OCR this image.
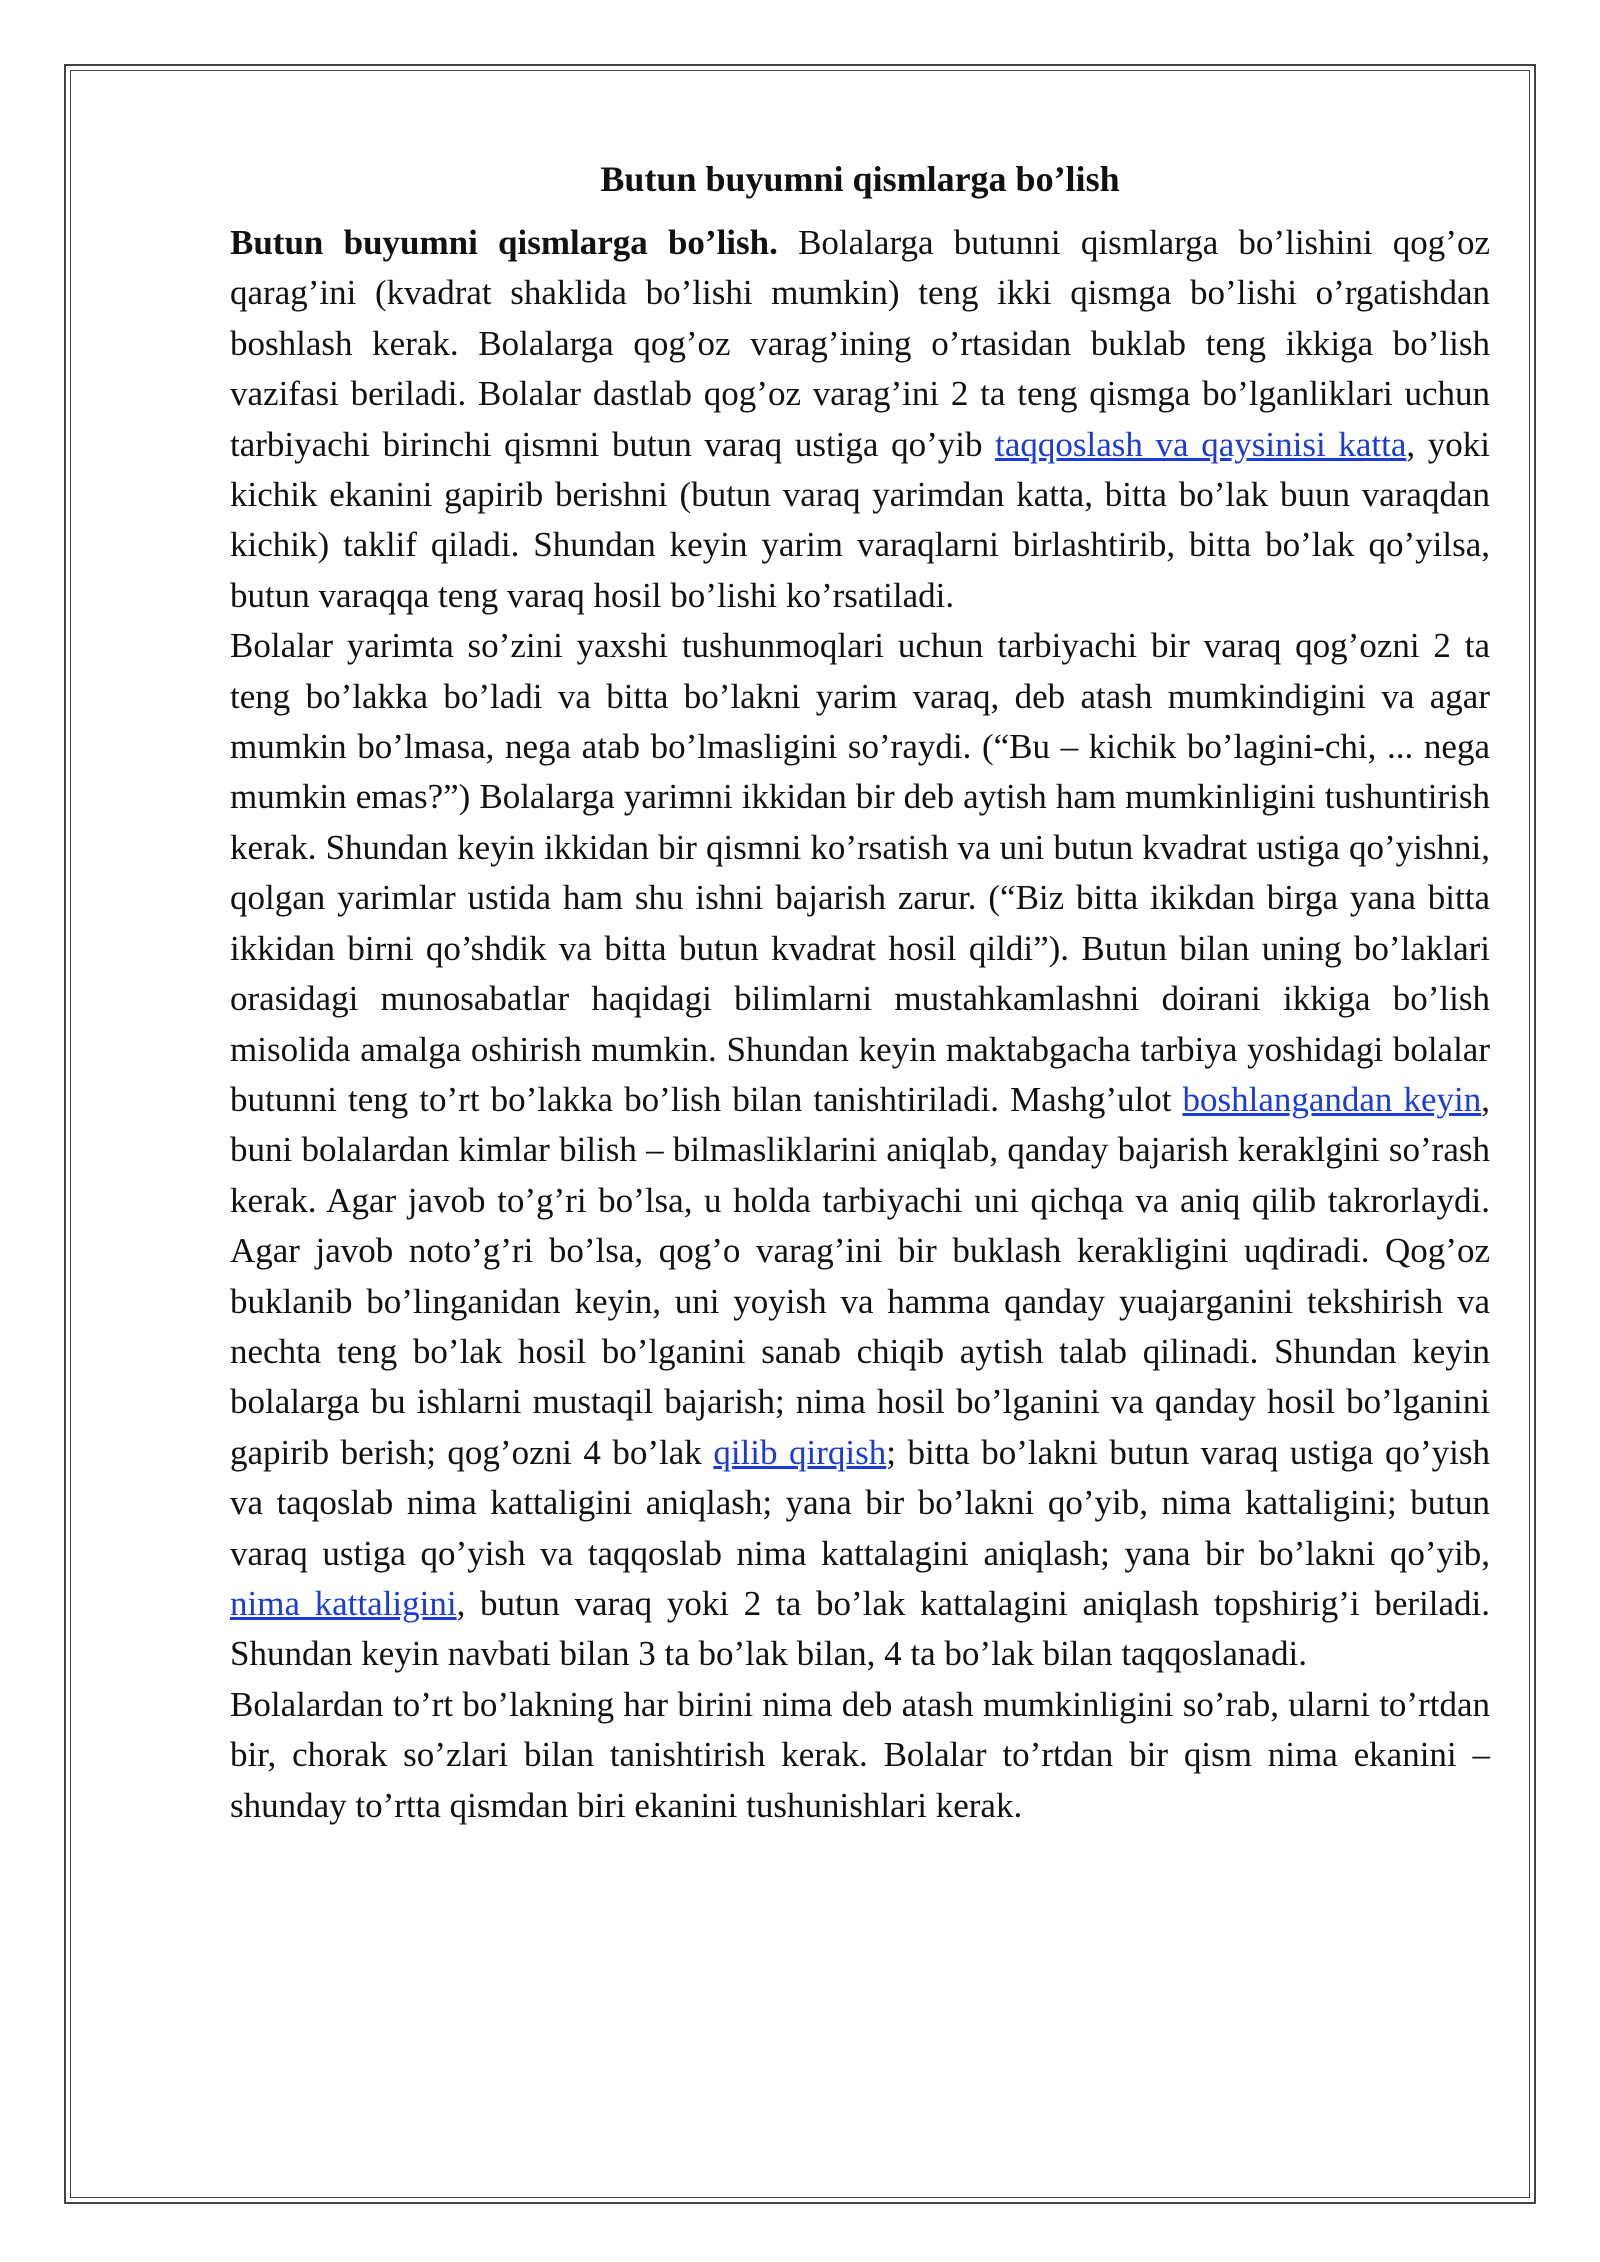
Butun buyumni qismlarga bo’lish

Butun buyumni qismlarga bo’lish. Bolalarga butunni qismlarga bo’lishini qog’oz qarag’ini (kvadrat shaklida bo’lishi mumkin) teng ikki qismga bo’lishi o’rgatishdan boshlash kerak. Bolalarga qog’oz varag’ining o’rtasidan buklab teng ikkiga bo’lish vazifasi beriladi. Bolalar dastlab qog’oz varag’ini 2 ta teng qismga bo’lganliklari uchun tarbiyachi birinchi qismni butun varaq ustiga qo’yib taqqoslash va qaysinisi katta, yoki kichik ekanini gapirib berishni (butun varaq yarimdan katta, bitta bo’lak buun varaqdan kichik) taklif qiladi. Shundan keyin yarim varaqlarni birlashtirib, bitta bo’lak qo’yilsa, butun varaqqa teng varaq hosil bo’lishi ko’rsatiladi.

Bolalar yarimta so’zini yaxshi tushunmoqlari uchun tarbiyachi bir varaq qog’ozni 2 ta teng bo’lakka bo’ladi va bitta bo’lakni yarim varaq, deb atash mumkindigini va agar mumkin bo’lmasa, nega atab bo’lmasligini so’raydi. (“Bu – kichik bo’lagini-chi, ... nega mumkin emas?”) Bolalarga yarimni ikkidan bir deb aytish ham mumkinligini tushuntirish kerak. Shundan keyin ikkidan bir qismni ko’rsatish va uni butun kvadrat ustiga qo’yishni, qolgan yarimlar ustida ham shu ishni bajarish zarur. (“Biz bitta ikikdan birga yana bitta ikkidan birni qo’shdik va bitta butun kvadrat hosil qildi”). Butun bilan uning bo’laklari orasidagi munosabatlar haqidagi bilimlarni mustahkamlashni doirani ikkiga bo’lish misolida amalga oshirish mumkin. Shundan keyin maktabgacha tarbiya yoshidagi bolalar butunni teng to’rt bo’lakka bo’lish bilan tanishtiriladi. Mashg’ulot boshlangandan keyin, buni bolalardan kimlar bilish – bilmasliklarini aniqlab, qanday bajarish keraklgini so’rash kerak. Agar javob to’g’ri bo’lsa, u holda tarbiyachi uni qichqa va aniq qilib takrorlaydi. Agar javob noto’g’ri bo’lsa, qog’o varag’ini bir buklash kerakligini uqdiradi. Qog’oz buklanib bo’linganidan keyin, uni yoyish va hamma qanday yuajarganini tekshirish va nechta teng bo’lak hosil bo’lganini sanab chiqib aytish talab qilinadi. Shundan keyin bolalarga bu ishlarni mustaqil bajarish; nima hosil bo’lganini va qanday hosil bo’lganini gapirib berish; qog’ozni 4 bo’lak qilib qirqish; bitta bo’lakni butun varaq ustiga qo’yish va taqoslab nima kattaligini aniqlash; yana bir bo’lakni qo’yib, nima kattaligini; butun varaq ustiga qo’yish va taqqoslab nima kattalagini aniqlash; yana bir bo’lakni qo’yib, nima kattaligini, butun varaq yoki 2 ta bo’lak kattalagini aniqlash topshirig’i beriladi. Shundan keyin navbati bilan 3 ta bo’lak bilan, 4 ta bo’lak bilan taqqoslanadi.

Bolalardan to’rt bo’lakning har birini nima deb atash mumkinligini so’rab, ularni to’rtdan bir, chorak so’zlari bilan tanishtirish kerak. Bolalar to’rtdan bir qism nima ekanini – shunday to’rtta qismdan biri ekanini tushunishlari kerak.
